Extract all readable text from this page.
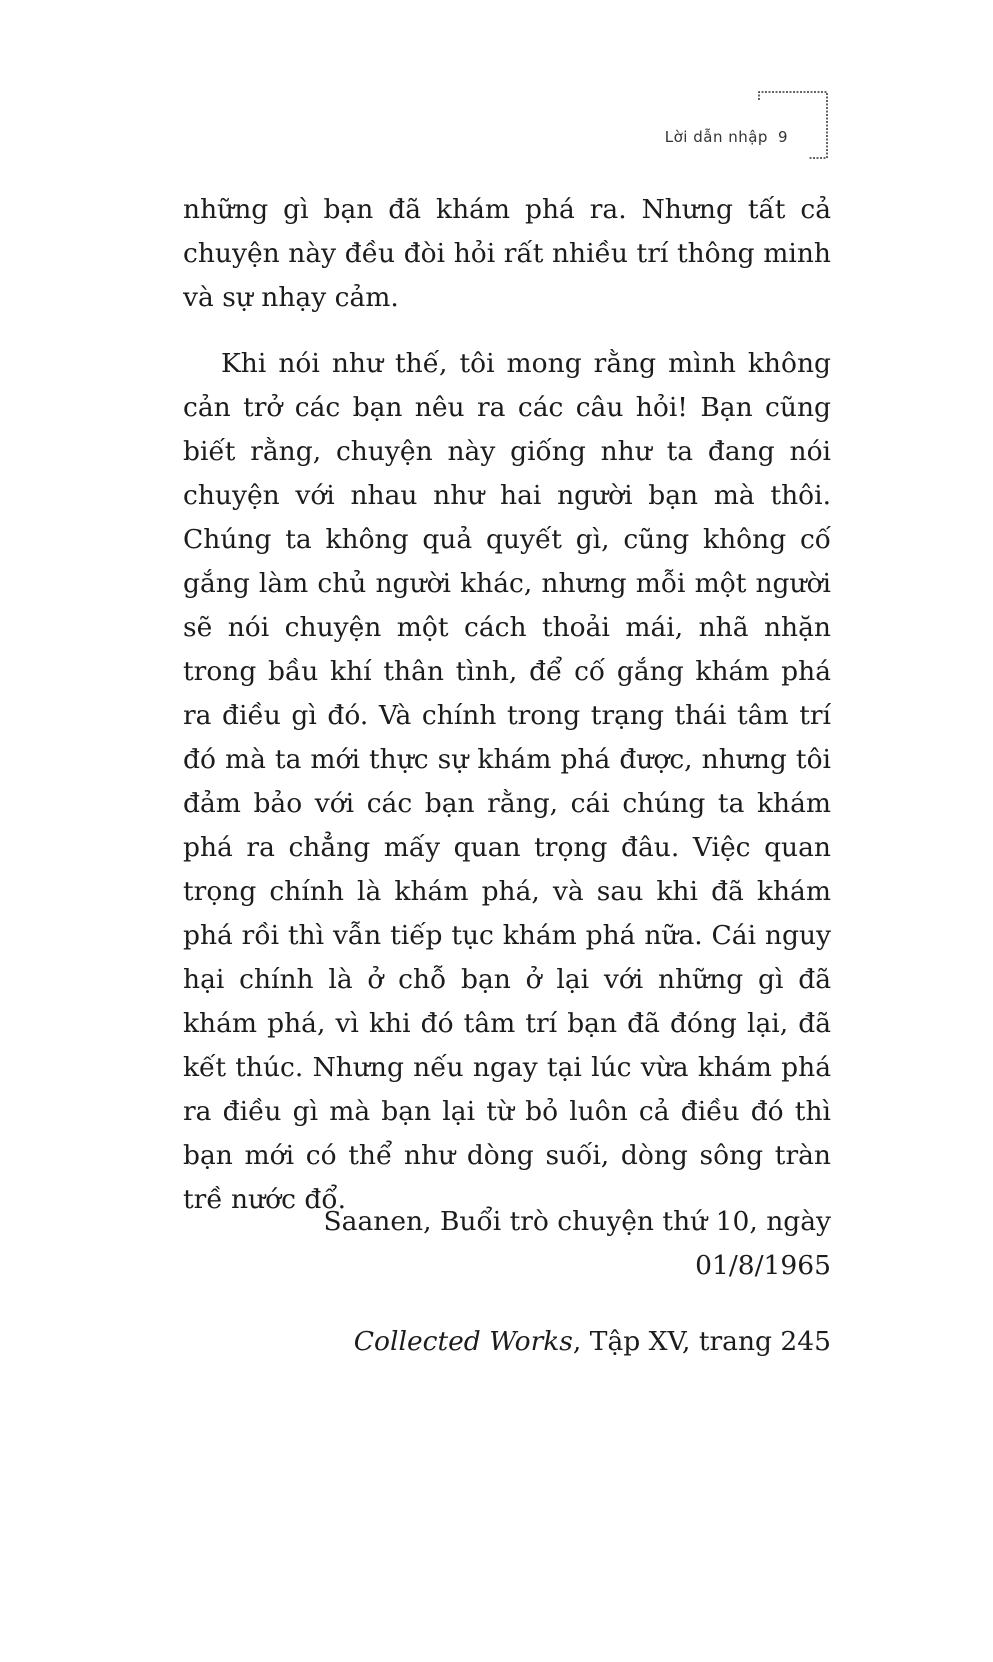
Lời dẫn nhập 9

những gì bạn đã khám phá ra. Nhưng tất cả chuyện này đều đòi hỏi rất nhiều trí thông minh và sự nhạy cảm.

Khi nói như thế, tôi mong rằng mình không cản trở các bạn nêu ra các câu hỏi! Bạn cũng biết rằng, chuyện này giống như ta đang nói chuyện với nhau như hai người bạn mà thôi. Chúng ta không quả quyết gì, cũng không cố gắng làm chủ người khác, nhưng mỗi một người sẽ nói chuyện một cách thoải mái, nhã nhặn trong bầu khí thân tình, để cố gắng khám phá ra điều gì đó. Và chính trong trạng thái tâm trí đó mà ta mới thực sự khám phá được, nhưng tôi đảm bảo với các bạn rằng, cái chúng ta khám phá ra chẳng mấy quan trọng đâu. Việc quan trọng chính là khám phá, và sau khi đã khám phá rồi thì vẫn tiếp tục khám phá nữa. Cái nguy hại chính là ở chỗ bạn ở lại với những gì đã khám phá, vì khi đó tâm trí bạn đã đóng lại, đã kết thúc. Nhưng nếu ngay tại lúc vừa khám phá ra điều gì mà bạn lại từ bỏ luôn cả điều đó thì bạn mới có thể như dòng suối, dòng sông tràn trề nước đổ.

Saanen, Buổi trò chuyện thứ 10, ngày
01/8/1965
Collected Works, Tập XV, trang 245
